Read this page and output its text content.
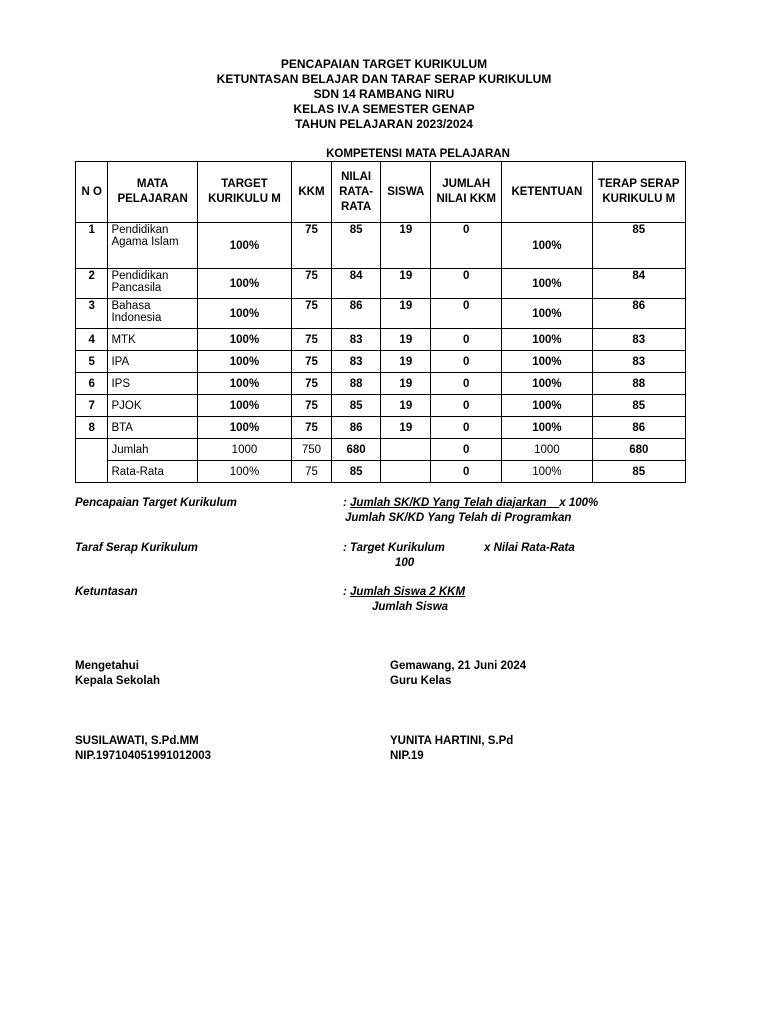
PENCAPAIAN TARGET KURIKULUM
KETUNTASAN BELAJAR DAN TARAF SERAP KURIKULUM
SDN 14 RAMBANG NIRU
KELAS IV.A SEMESTER GENAP
TAHUN PELAJARAN 2023/2024
KOMPETENSI MATA PELAJARAN
N O	MATA PELAJARAN	TARGET KURIKULU M	KKM	NILAI RATA-RATA	SISWA	JUMLAH NILAI KKM	KETENTUAN	TERAP SERAP KURIKULU M
1	Pendidikan Agama Islam	100%	75	85	19	0	100%	85
2	Pendidikan Pancasila	100%	75	84	19	0	100%	84
3	Bahasa Indonesia	100%	75	86	19	0	100%	86
4	MTK	100%	75	83	19	0	100%	83
5	IPA	100%	75	83	19	0	100%	83
6	IPS	100%	75	88	19	0	100%	88
7	PJOK	100%	75	85	19	0	100%	85
8	BTA	100%	75	86	19	0	100%	86
	Jumlah	1000	750	680		0	1000	680
	Rata-Rata	100%	75	85		0	100%	85
Pencapaian Target Kurikulum	: Jumlah SK/KD Yang Telah diajarkan x 100%
Jumlah SK/KD Yang Telah di Programkan
Taraf Serap Kurikulum	: Target Kurikulum	x Nilai Rata-Rata
100
Ketuntasan	: Jumlah Siswa 2 KKM
Jumlah Siswa
Mengetahui
Kepala Sekolah
Gemawang, 21 Juni 2024
Guru Kelas
SUSILAWATI, S.Pd.MM
NIP.197104051991012003
YUNITA HARTINI, S.Pd
NIP.19
